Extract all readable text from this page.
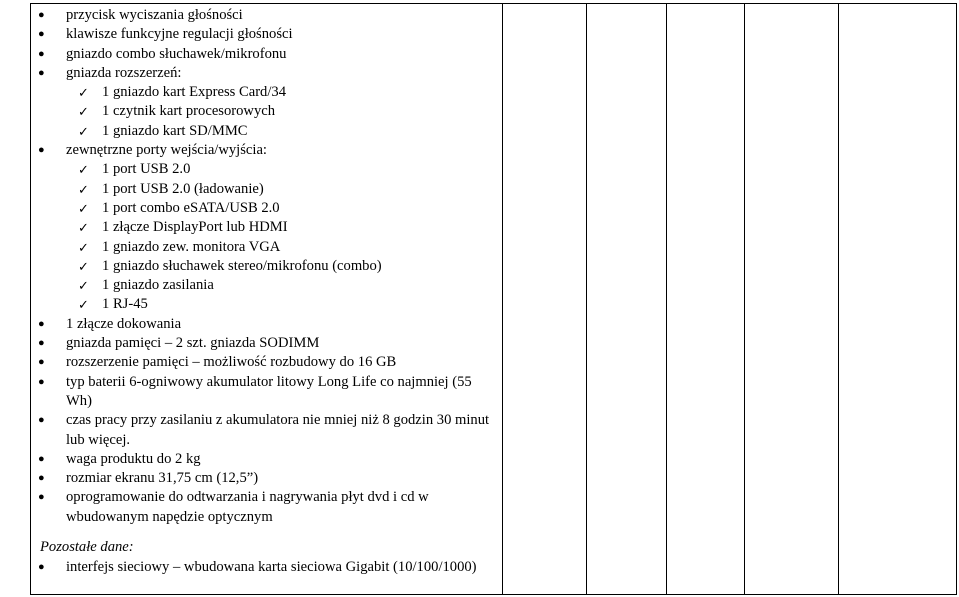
●	przycisk wyciszania głośności
●	klawisze funkcyjne regulacji głośności
●	gniazdo combo słuchawek/mikrofonu
●	gniazda rozszerzeń:
✓ 1 gniazdo kart Express Card/34
✓ 1 czytnik kart procesorowych
✓ 1 gniazdo kart SD/MMC
●	zewnętrzne porty wejścia/wyjścia:
✓ 1 port USB 2.0
✓ 1 port USB 2.0 (ładowanie)
✓ 1 port combo eSATA/USB 2.0
✓ 1 złącze DisplayPort lub HDMI
✓ 1 gniazdo zew. monitora VGA
✓ 1 gniazdo słuchawek stereo/mikrofonu (combo)
✓ 1 gniazdo zasilania
✓ 1 RJ-45
●	1 złącze dokowania
●	gniazda pamięci – 2 szt. gniazda SODIMM
●	rozszerzenie pamięci – możliwość rozbudowy do 16 GB
●	typ baterii 6-ogniwowy akumulator litowy Long Life co najmniej (55 Wh)
●	czas pracy przy zasilaniu z akumulatora nie mniej niż 8 godzin 30 minut lub więcej.
●	waga produktu do 2 kg
●	rozmiar ekranu 31,75 cm (12,5”)
●	oprogramowanie do odtwarzania i nagrywania płyt dvd i cd w wbudowanym napędzie optycznym
Pozostałe dane:
●	interfejs sieciowy – wbudowana karta sieciowa Gigabit (10/100/1000)
